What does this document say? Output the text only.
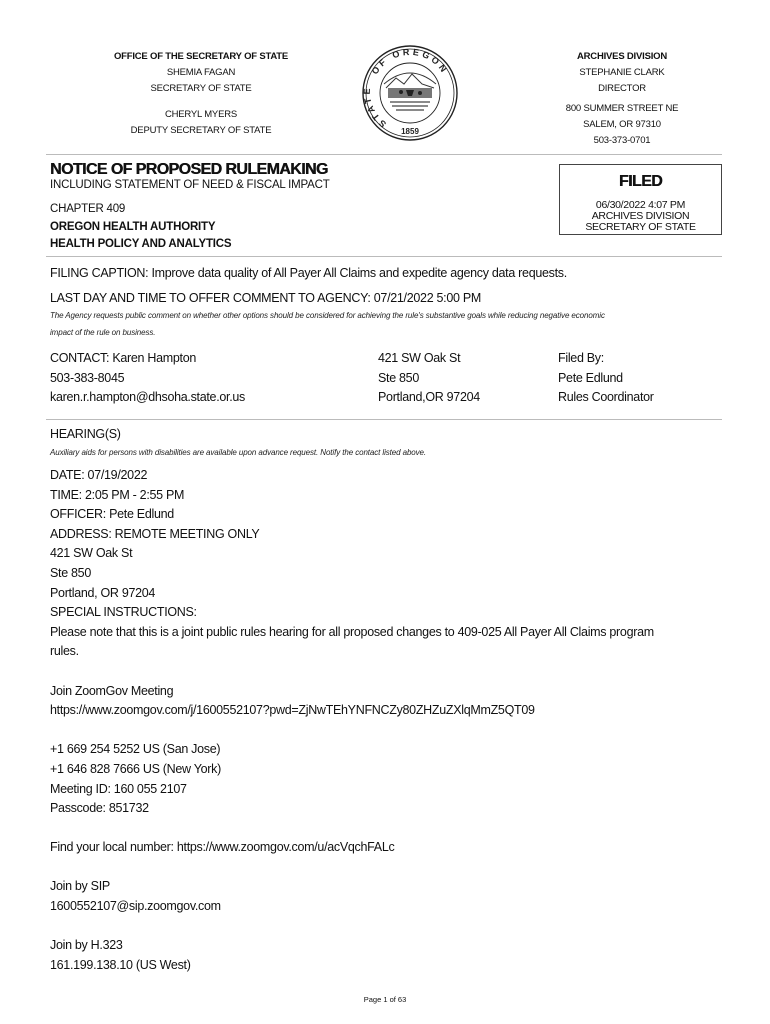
OFFICE OF THE SECRETARY OF STATE
SHEMIA FAGAN
SECRETARY OF STATE
CHERYL MYERS
DEPUTY SECRETARY OF STATE
OF OREGON
STATE
1859
ARCHIVES DIVISION
STEPHANIE CLARK
DIRECTOR
800 SUMMER STREET NE
SALEM, OR 97310
503-373-0701
NOTICE OF PROPOSED RULEMAKING
INCLUDING STATEMENT OF NEED & FISCAL IMPACT
CHAPTER 409
OREGON HEALTH AUTHORITY
HEALTH POLICY AND ANALYTICS
FILED
06/30/2022 4:07 PM
ARCHIVES DIVISION
SECRETARY OF STATE
FILING CAPTION: Improve data quality of All Payer All Claims and expedite agency data requests.
LAST DAY AND TIME TO OFFER COMMENT TO AGENCY: 07/21/2022 5:00 PM
The Agency requests public comment on whether other options should be considered for achieving the rule's substantive goals while reducing negative economic
impact of the rule on business.
CONTACT: Karen Hampton
503-383-8045
karen.r.hampton@dhsoha.state.or.us
421 SW Oak St
Ste 850
Portland,OR 97204
Filed By:
Pete Edlund
Rules Coordinator
HEARING(S)
Auxiliary aids for persons with disabilities are available upon advance request. Notify the contact listed above.
DATE: 07/19/2022
TIME: 2:05 PM - 2:55 PM
OFFICER: Pete Edlund
ADDRESS: REMOTE MEETING ONLY
421 SW Oak St
Ste 850
Portland, OR 97204
SPECIAL INSTRUCTIONS:
Please note that this is a joint public rules hearing for all proposed changes to 409-025 All Payer All Claims program
rules.

Join ZoomGov Meeting
https://www.zoomgov.com/j/1600552107?pwd=ZjNwTEhYNFNCZy80ZHZuZXlqMmZ5QT09

+1 669 254 5252 US (San Jose)
+1 646 828 7666 US (New York)
Meeting ID: 160 055 2107
Passcode: 851732

Find your local number: https://www.zoomgov.com/u/acVqchFALc

Join by SIP
1600552107@sip.zoomgov.com

Join by H.323
161.199.138.10 (US West)
Page 1 of 63
